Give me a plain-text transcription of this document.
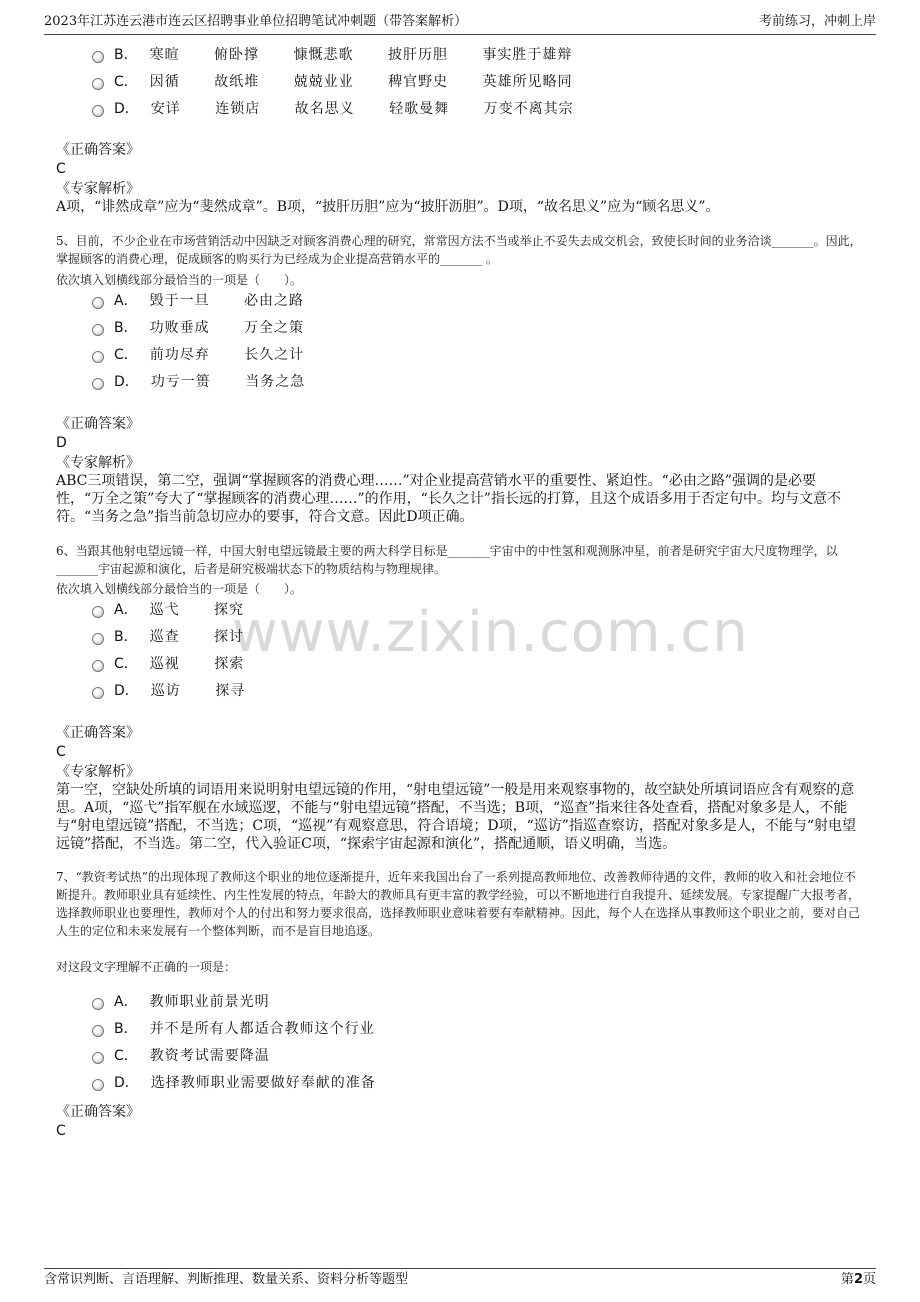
2023年江苏连云港市连云区招聘事业单位招聘笔试冲刺题（带答案解析）	考前练习，冲刺上岸
B． 寒暄　 俯卧撑　 慷慨悲歌　 披肝历胆　 事实胜于雄辩
C． 因循　 故纸堆　 兢兢业业　 稗官野史　 英雄所见略同
D． 安详　 连锁店　 故名思义　 轻歌曼舞　 万变不离其宗
《正确答案》
C
《专家解析》
A项，“诽然成章”应为“斐然成章”。B项，“披肝历胆”应为“披肝沥胆”。D项，“故名思义”应为“顾名思义”。
5、目前，不少企业在市场营销活动中因缺乏对顾客消费心理的研究，常常因方法不当或举止不妥失去成交机会，致使长时间的业务洽谈_______。因此，掌握顾客的消费心理，促成顾客的购买行为已经成为企业提高营销水平的_______ 。
依次填入划横线部分最恰当的一项是（　　）。
A． 毁于一旦　 必由之路
B． 功败垂成　 万全之策
C． 前功尽弃　 长久之计
D． 功亏一篑　 当务之急
《正确答案》
D
《专家解析》
ABC三项错误，第二空，强调“掌握顾客的消费心理……”对企业提高营销水平的重要性、紧迫性。“必由之路”强调的是必要性，“万全之策”夸大了“掌握顾客的消费心理……”的作用，“长久之计”指长远的打算，且这个成语多用于否定句中。均与文意不符。“当务之急”指当前急切应办的要事，符合文意。因此D项正确。
www.zixin.com.cn
6、当跟其他射电望远镜一样，中国大射电望远镜最主要的两大科学目标是_______宇宙中的中性氢和观测脉冲星，前者是研究宇宙大尺度物理学，以_______宇宙起源和演化，后者是研究极端状态下的物质结构与物理规律。
依次填入划横线部分最恰当的一项是（　　）。
A． 巡弋　 探究
B． 巡查　 探讨
C． 巡视　 探索
D． 巡访　 探寻
《正确答案》
C
《专家解析》
第一空，空缺处所填的词语用来说明射电望远镜的作用，“射电望远镜”一般是用来观察事物的，故空缺处所填词语应含有观察的意思。A项，“巡弋”指军舰在水域巡逻，不能与“射电望远镜”搭配，不当选；B项，“巡查”指来往各处查看，搭配对象多是人，不能与“射电望远镜”搭配，不当选；C项，“巡视”有观察意思，符合语境；D项，“巡访”指巡查察访，搭配对象多是人，不能与“射电望远镜”搭配，不当选。第二空，代入验证C项，“探索宇宙起源和演化”，搭配通顺，语义明确，当选。
7、“教资考试热”的出现体现了教师这个职业的地位逐渐提升，近年来我国出台了一系列提高教师地位、改善教师待遇的文件，教师的收入和社会地位不断提升。教师职业具有延续性、内生性发展的特点，年龄大的教师具有更丰富的教学经验，可以不断地进行自我提升、延续发展。专家提醒广大报考者，选择教师职业也要理性，教师对个人的付出和努力要求很高，选择教师职业意味着要有奉献精神。因此，每个人在选择从事教师这个职业之前，要对自己人生的定位和未来发展有一个整体判断，而不是盲目地追逐。
对这段文字理解不正确的一项是：
A． 教师职业前景光明
B． 并不是所有人都适合教师这个行业
C． 教资考试需要降温
D． 选择教师职业需要做好奉献的准备
《正确答案》
C
含常识判断、言语理解、判断推理、数量关系、资料分析等题型	第2页
